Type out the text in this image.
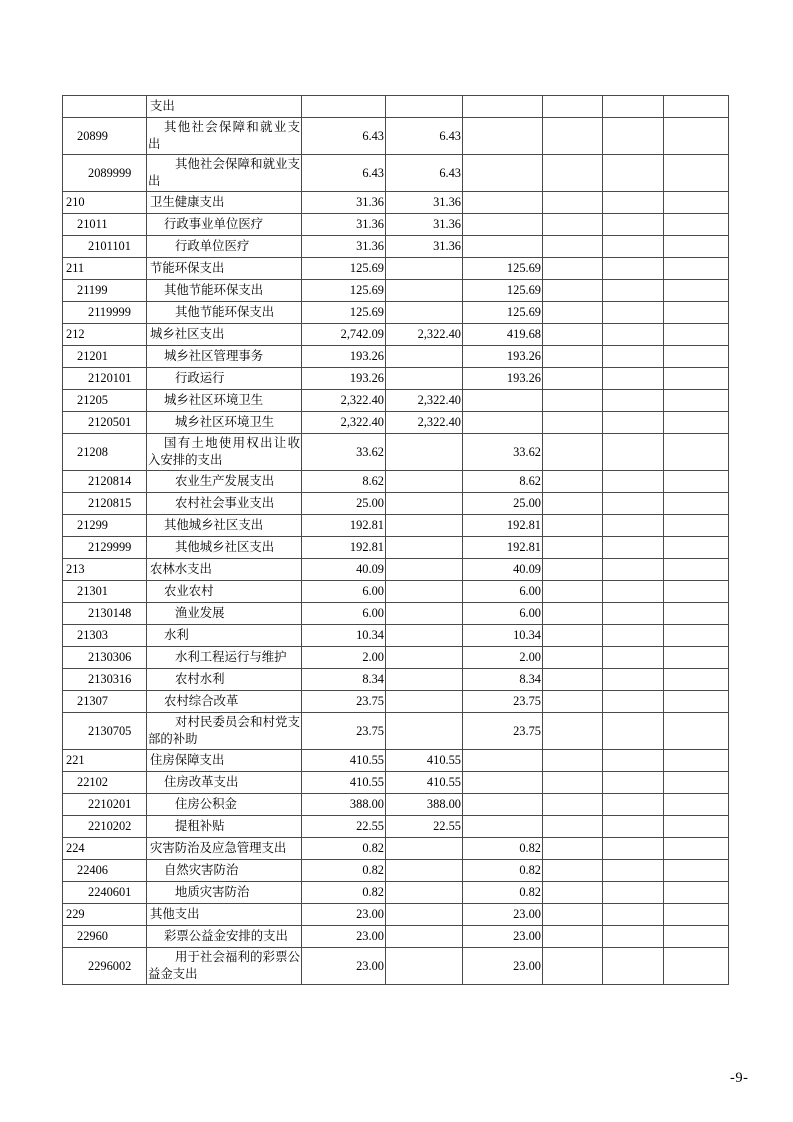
	支出						
20899	其他社会保障和就业支出	6.43	6.43				
2089999	其他社会保障和就业支出	6.43	6.43				
210	卫生健康支出	31.36	31.36				
21011	行政事业单位医疗	31.36	31.36				
2101101	行政单位医疗	31.36	31.36				
211	节能环保支出	125.69		125.69			
21199	其他节能环保支出	125.69		125.69			
2119999	其他节能环保支出	125.69		125.69			
212	城乡社区支出	2,742.09	2,322.40	419.68			
21201	城乡社区管理事务	193.26		193.26			
2120101	行政运行	193.26		193.26			
21205	城乡社区环境卫生	2,322.40	2,322.40				
2120501	城乡社区环境卫生	2,322.40	2,322.40				
21208	国有土地使用权出让收入安排的支出	33.62		33.62			
2120814	农业生产发展支出	8.62		8.62			
2120815	农村社会事业支出	25.00		25.00			
21299	其他城乡社区支出	192.81		192.81			
2129999	其他城乡社区支出	192.81		192.81			
213	农林水支出	40.09		40.09			
21301	农业农村	6.00		6.00			
2130148	渔业发展	6.00		6.00			
21303	水利	10.34		10.34			
2130306	水利工程运行与维护	2.00		2.00			
2130316	农村水利	8.34		8.34			
21307	农村综合改革	23.75		23.75			
2130705	对村民委员会和村党支部的补助	23.75		23.75			
221	住房保障支出	410.55	410.55				
22102	住房改革支出	410.55	410.55				
2210201	住房公积金	388.00	388.00				
2210202	提租补贴	22.55	22.55				
224	灾害防治及应急管理支出	0.82		0.82			
22406	自然灾害防治	0.82		0.82			
2240601	地质灾害防治	0.82		0.82			
229	其他支出	23.00		23.00			
22960	彩票公益金安排的支出	23.00		23.00			
2296002	用于社会福利的彩票公益金支出	23.00		23.00			
-9-
